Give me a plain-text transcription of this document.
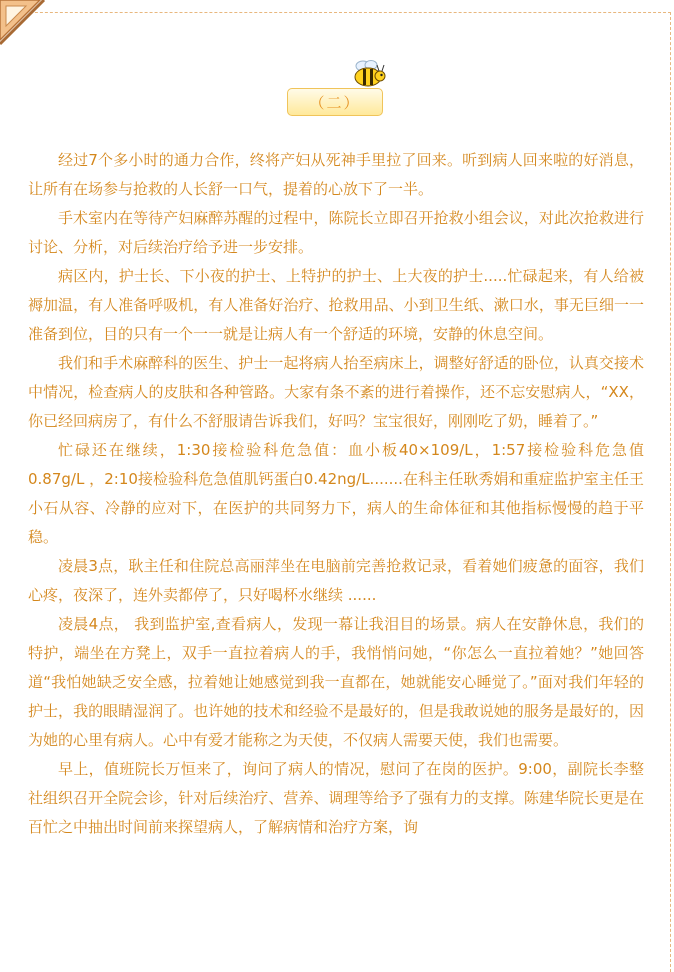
（二）

经过7个多小时的通力合作，终将产妇从死神手里拉了回来。听到病人回来啦的好消息，让所有在场参与抢救的人长舒一口气，提着的心放下了一半。

手术室内在等待产妇麻醉苏醒的过程中，陈院长立即召开抢救小组会议，对此次抢救进行讨论、分析，对后续治疗给予进一步安排。

病区内，护士长、下小夜的护士、上特护的护士、上大夜的护士.....忙碌起来，有人给被褥加温，有人准备呼吸机，有人准备好治疗、抢救用品、小到卫生纸、漱口水，事无巨细一一准备到位，目的只有一个一一就是让病人有一个舒适的环境，安静的休息空间。

我们和手术麻醉科的医生、护士一起将病人抬至病床上，调整好舒适的卧位，认真交接术中情况，检查病人的皮肤和各种管路。大家有条不紊的进行着操作，还不忘安慰病人，“XX，你已经回病房了，有什么不舒服请告诉我们，好吗？宝宝很好，刚刚吃了奶，睡着了。”

忙碌还在继续，1:30接检验科危急值：血小板40×109/L，1:57接检验科危急值0.87g/L ，2:10接检验科危急值肌钙蛋白0.42ng/L.......在科主任耿秀娟和重症监护室主任王小石从容、冷静的应对下，在医护的共同努力下，病人的生命体征和其他指标慢慢的趋于平稳。

凌晨3点，耿主任和住院总高丽萍坐在电脑前完善抢救记录，看着她们疲惫的面容，我们心疼，夜深了，连外卖都停了，只好喝杯水继续 ......

凌晨4点， 我到监护室,查看病人，发现一幕让我泪目的场景。病人在安静休息，我们的特护，端坐在方凳上，双手一直拉着病人的手，我悄悄问她，“你怎么一直拉着她？”她回答道“我怕她缺乏安全感，拉着她让她感觉到我一直都在，她就能安心睡觉了。”面对我们年轻的护士，我的眼睛湿润了。也许她的技术和经验不是最好的，但是我敢说她的服务是最好的，因为她的心里有病人。心中有爱才能称之为天使，不仅病人需要天使，我们也需要。

早上，值班院长万恒来了，询问了病人的情况，慰问了在岗的医护。9:00，副院长李整社组织召开全院会诊，针对后续治疗、营养、调理等给予了强有力的支撑。陈建华院长更是在百忙之中抽出时间前来探望病人，了解病情和治疗方案，询
